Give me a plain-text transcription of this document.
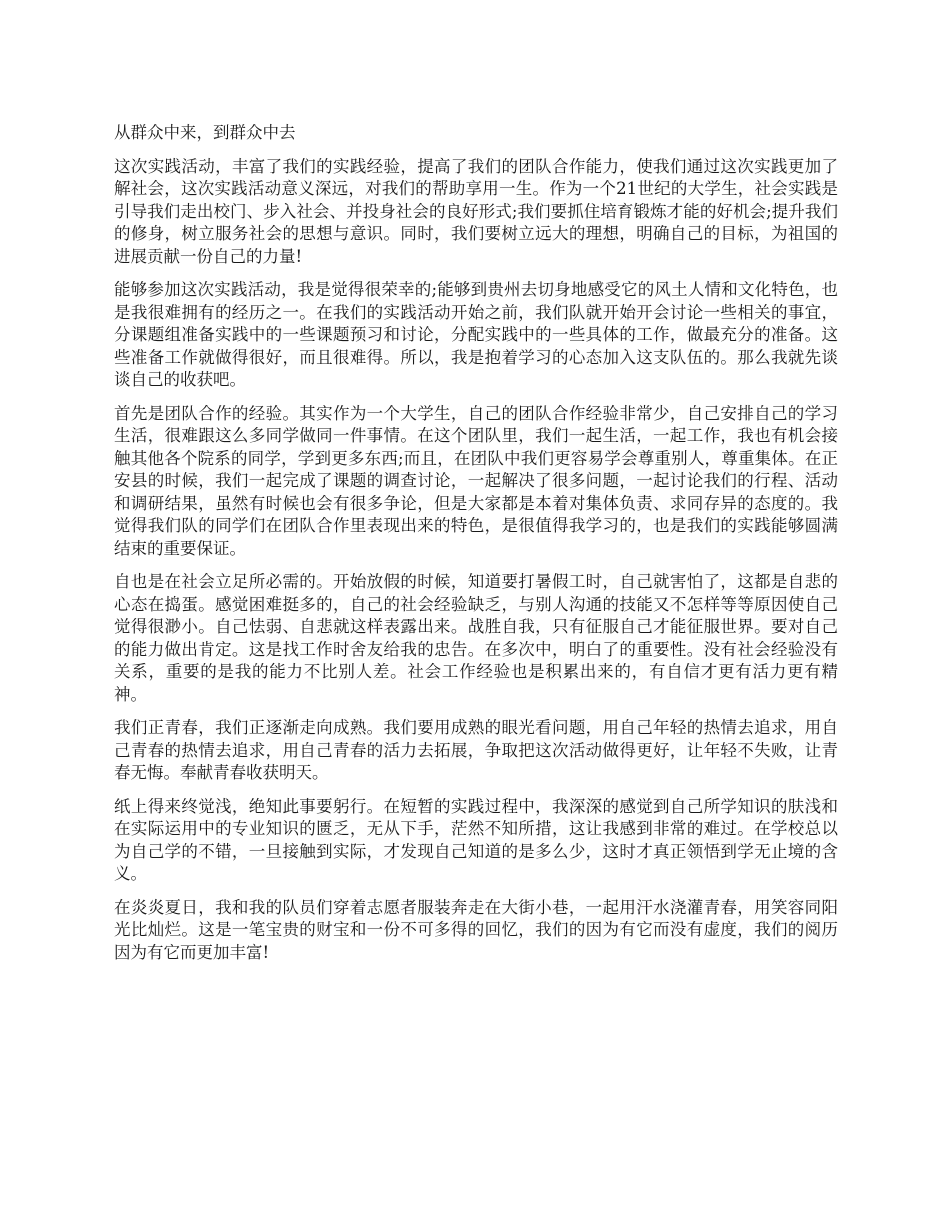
从群众中来，到群众中去

这次实践活动，丰富了我们的实践经验，提高了我们的团队合作能力，使我们通过这次实践更加了解社会，这次实践活动意义深远，对我们的帮助享用一生。作为一个21世纪的大学生，社会实践是引导我们走出校门、步入社会、并投身社会的良好形式;我们要抓住培育锻炼才能的好机会;提升我们的修身，树立服务社会的思想与意识。同时，我们要树立远大的理想，明确自己的目标，为祖国的进展贡献一份自己的力量!

能够参加这次实践活动，我是觉得很荣幸的;能够到贵州去切身地感受它的风土人情和文化特色，也是我很难拥有的经历之一。在我们的实践活动开始之前，我们队就开始开会讨论一些相关的事宜，分课题组准备实践中的一些课题预习和讨论，分配实践中的一些具体的工作，做最充分的准备。这些准备工作就做得很好，而且很难得。所以，我是抱着学习的心态加入这支队伍的。那么我就先谈谈自己的收获吧。

首先是团队合作的经验。其实作为一个大学生，自己的团队合作经验非常少，自己安排自己的学习生活，很难跟这么多同学做同一件事情。在这个团队里，我们一起生活，一起工作，我也有机会接触其他各个院系的同学，学到更多东西;而且，在团队中我们更容易学会尊重别人，尊重集体。在正安县的时候，我们一起完成了课题的调查讨论，一起解决了很多问题，一起讨论我们的行程、活动和调研结果，虽然有时候也会有很多争论，但是大家都是本着对集体负责、求同存异的态度的。我觉得我们队的同学们在团队合作里表现出来的特色，是很值得我学习的，也是我们的实践能够圆满结束的重要保证。

自也是在社会立足所必需的。开始放假的时候，知道要打暑假工时，自己就害怕了，这都是自悲的心态在捣蛋。感觉困难挺多的，自己的社会经验缺乏，与别人沟通的技能又不怎样等等原因使自己觉得很渺小。自己怯弱、自悲就这样表露出来。战胜自我，只有征服自己才能征服世界。要对自己的能力做出肯定。这是找工作时舍友给我的忠告。在多次中，明白了的重要性。没有社会经验没有关系，重要的是我的能力不比别人差。社会工作经验也是积累出来的，有自信才更有活力更有精神。

我们正青春，我们正逐渐走向成熟。我们要用成熟的眼光看问题，用自己年轻的热情去追求，用自己青春的热情去追求，用自己青春的活力去拓展，争取把这次活动做得更好，让年轻不失败，让青春无悔。奉献青春收获明天。

纸上得来终觉浅，绝知此事要躬行。在短暂的实践过程中，我深深的感觉到自己所学知识的肤浅和在实际运用中的专业知识的匮乏，无从下手，茫然不知所措，这让我感到非常的难过。在学校总以为自己学的不错，一旦接触到实际，才发现自己知道的是多么少，这时才真正领悟到学无止境的含义。

在炎炎夏日，我和我的队员们穿着志愿者服装奔走在大街小巷，一起用汗水浇灌青春，用笑容同阳光比灿烂。这是一笔宝贵的财宝和一份不可多得的回忆，我们的因为有它而没有虚度，我们的阅历因为有它而更加丰富!
